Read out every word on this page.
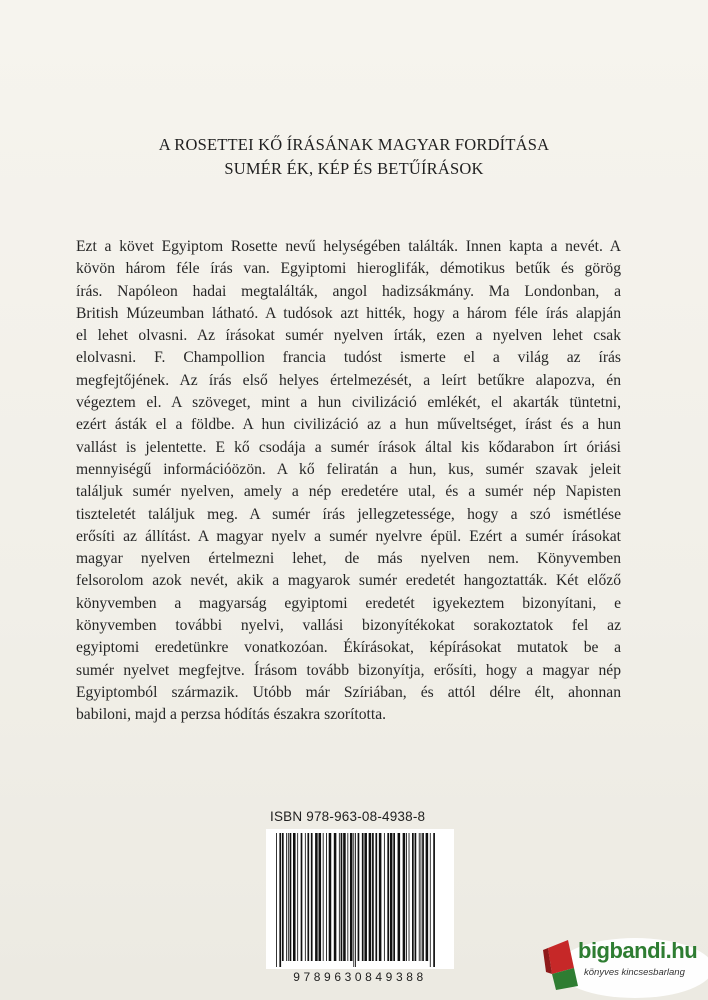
A ROSETTEI KŐ ÍRÁSÁNAK MAGYAR FORDÍTÁSA
SUMÉR ÉK, KÉP ÉS BETŰÍRÁSOK
Ezt a követ Egyiptom Rosette nevű helységében találták. Innen kapta a nevét. A
kövön három féle írás van. Egyiptomi hieroglifák, démotikus betűk és görög
írás. Napóleon hadai megtalálták, angol hadizsákmány. Ma Londonban, a
British Múzeumban látható. A tudósok azt hitték, hogy a három féle írás alapján
el lehet olvasni. Az írásokat sumér nyelven írták, ezen a nyelven lehet csak
elolvasni. F. Champollion francia tudóst ismerte el a világ az írás
megfejtőjének. Az írás első helyes értelmezését, a leírt betűkre alapozva, én
végeztem el. A szöveget, mint a hun civilizáció emlékét, el akarták tüntetni,
ezért ásták el a földbe. A hun civilizáció az a hun műveltséget, írást és a hun
vallást is jelentette. E kő csodája a sumér írások által kis kődarabon írt óriási
mennyiségű információözön. A kő feliratán a hun, kus, sumér szavak jeleit
találjuk sumér nyelven, amely a nép eredetére utal, és a sumér nép Napisten
tiszteletét találjuk meg. A sumér írás jellegzetessége, hogy a szó ismétlése
erősíti az állítást. A magyar nyelv a sumér nyelvre épül. Ezért a sumér írásokat
magyar nyelven értelmezni lehet, de más nyelven nem. Könyvemben
felsorolom azok nevét, akik a magyarok sumér eredetét hangoztatták. Két előző
könyvemben a magyarság egyiptomi eredetét igyekeztem bizonyítani, e
könyvemben további nyelvi, vallási bizonyítékokat sorakoztatok fel az
egyiptomi eredetünkre vonatkozóan. Ékírásokat, képírásokat mutatok be a
sumér nyelvet megfejtve. Írásom tovább bizonyítja, erősíti, hogy a magyar nép
Egyiptomból származik. Utóbb már Szíriában, és attól délre élt, ahonnan
babiloni, majd a perzsa hódítás északra szorította.
ISBN 978-963-08-4938-8
9789630849388
bigbandi.hu
könyves kincsesbarlang
